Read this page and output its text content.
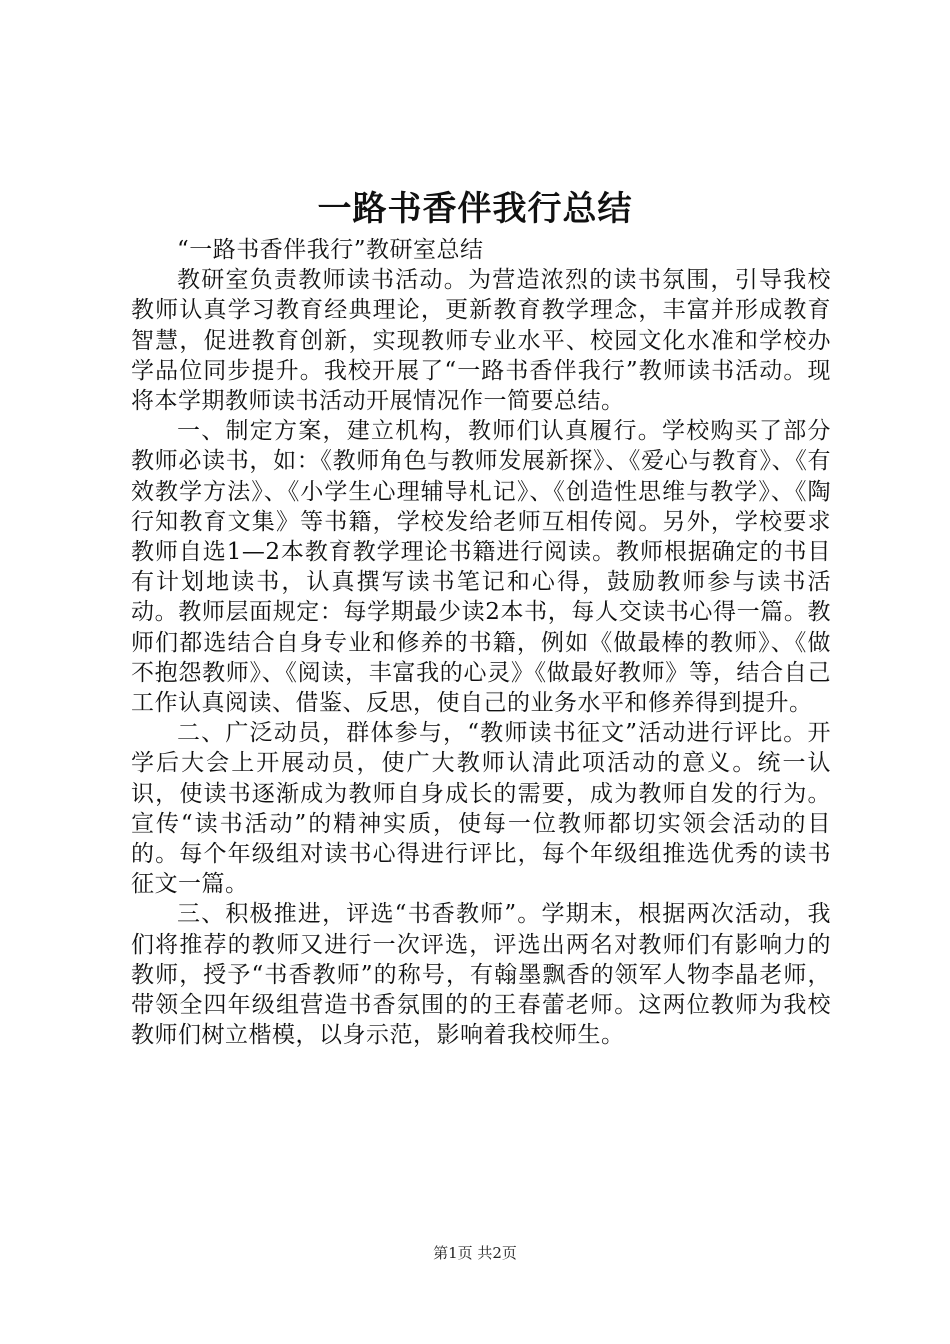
一路书香伴我行总结

“一路书香伴我行”教研室总结

教研室负责教师读书活动。为营造浓烈的读书氛围，引导我校教师认真学习教育经典理论，更新教育教学理念，丰富并形成教育智慧，促进教育创新，实现教师专业水平、校园文化水准和学校办学品位同步提升。我校开展了“一路书香伴我行”教师读书活动。现将本学期教师读书活动开展情况作一简要总结。

一、制定方案，建立机构，教师们认真履行。学校购买了部分教师必读书，如：《教师角色与教师发展新探》、《爱心与教育》、《有效教学方法》、《小学生心理辅导札记》、《创造性思维与教学》、《陶行知教育文集》等书籍，学校发给老师互相传阅。另外，学校要求教师自选1—2本教育教学理论书籍进行阅读。教师根据确定的书目有计划地读书，认真撰写读书笔记和心得，鼓励教师参与读书活动。教师层面规定：每学期最少读2本书，每人交读书心得一篇。教师们都选结合自身专业和修养的书籍，例如《做最棒的教师》、《做不抱怨教师》、《阅读，丰富我的心灵》《做最好教师》等，结合自己工作认真阅读、借鉴、反思，使自己的业务水平和修养得到提升。

二、广泛动员，群体参与，“教师读书征文”活动进行评比。开学后大会上开展动员，使广大教师认清此项活动的意义。统一认识，使读书逐渐成为教师自身成长的需要，成为教师自发的行为。宣传“读书活动”的精神实质，使每一位教师都切实领会活动的目的。每个年级组对读书心得进行评比，每个年级组推选优秀的读书征文一篇。

三、积极推进，评选“书香教师”。学期末，根据两次活动，我们将推荐的教师又进行一次评选，评选出两名对教师们有影响力的教师，授予“书香教师”的称号，有翰墨飘香的领军人物李晶老师，带领全四年级组营造书香氛围的的王春蕾老师。这两位教师为我校教师们树立楷模，以身示范，影响着我校师生。

第1页 共2页
